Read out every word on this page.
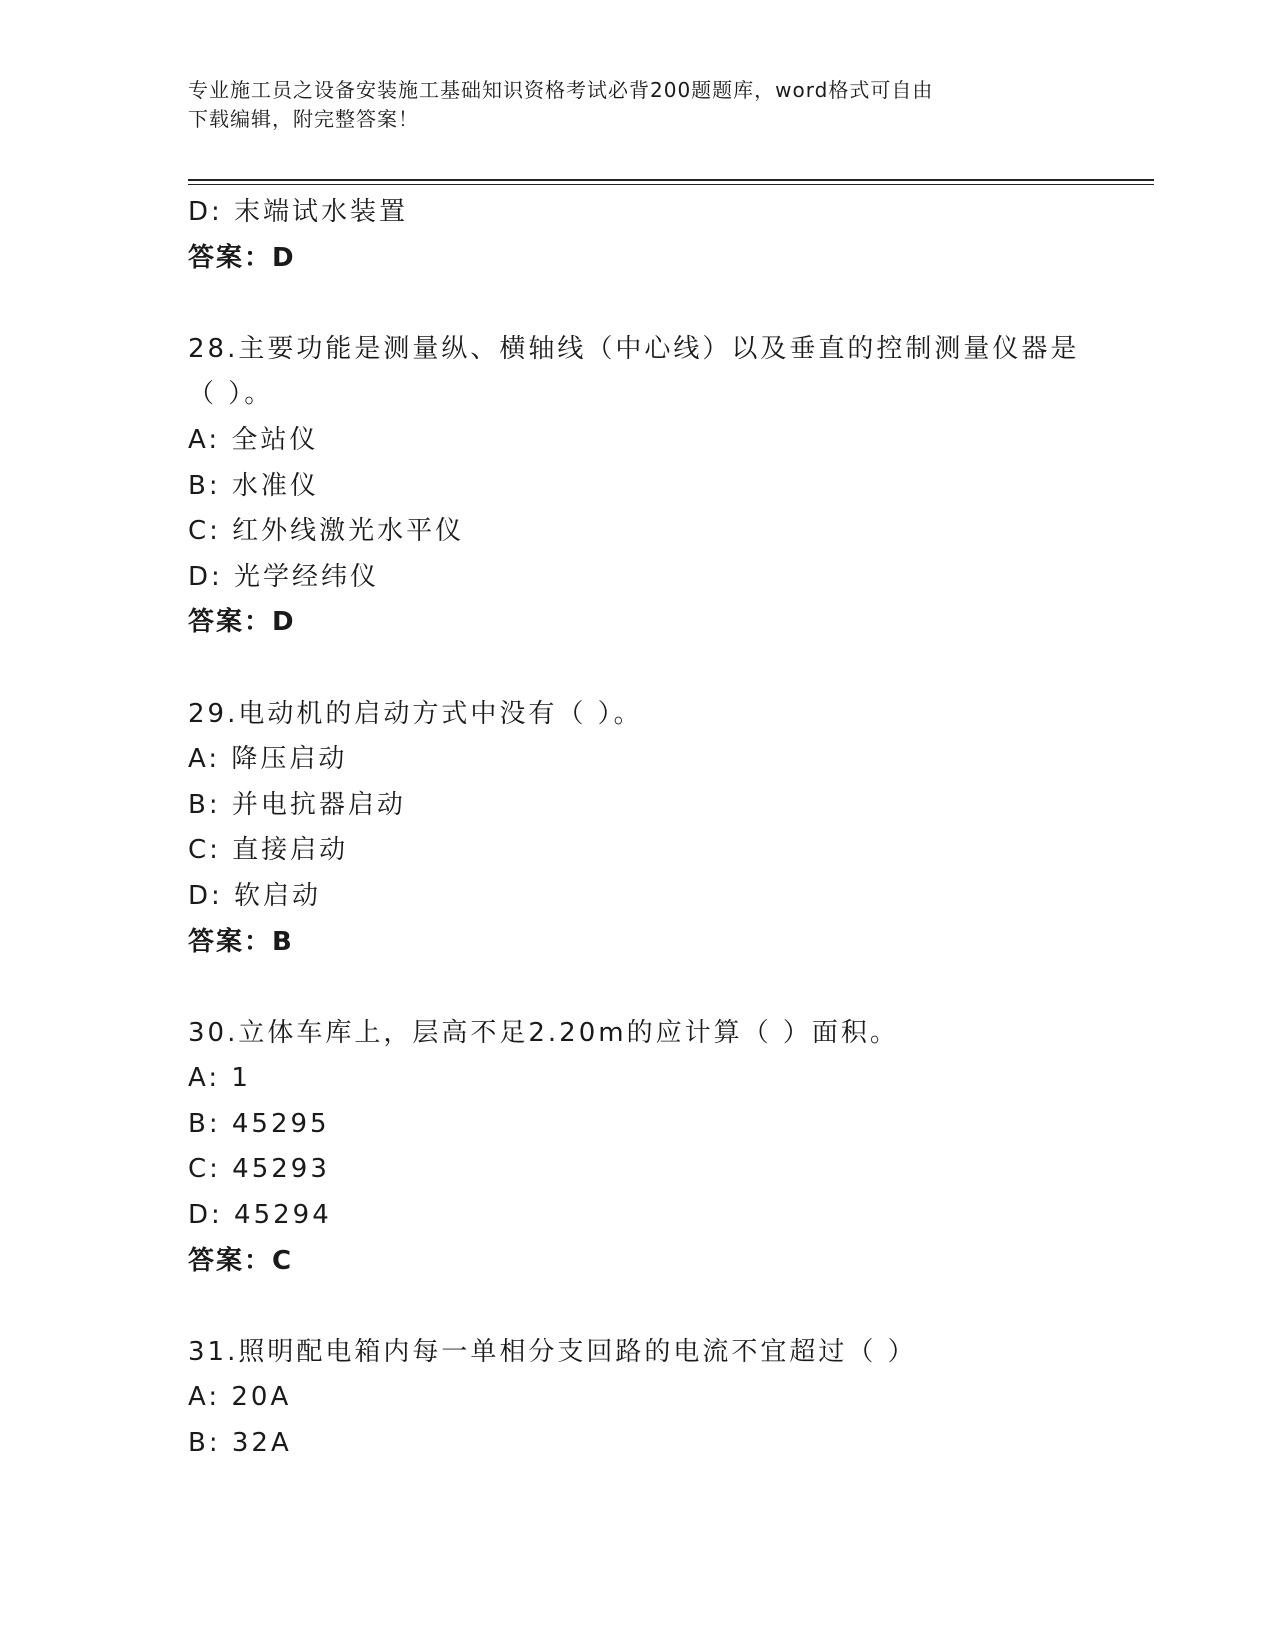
专业施工员之设备安装施工基础知识资格考试必背200题题库，word格式可自由
下载编辑，附完整答案！
D: 末端试水装置
答案：D
28.主要功能是测量纵、横轴线（中心线）以及垂直的控制测量仪器是
（ ）。
A: 全站仪
B: 水准仪
C: 红外线激光水平仪
D: 光学经纬仪
答案：D
29.电动机的启动方式中没有（ ）。
A: 降压启动
B: 并电抗器启动
C: 直接启动
D: 软启动
答案：B
30.立体车库上，层高不足2.20m的应计算（ ）面积。
A: 1
B: 45295
C: 45293
D: 45294
答案：C
31.照明配电箱内每一单相分支回路的电流不宜超过（ ）
A: 20A
B: 32A
